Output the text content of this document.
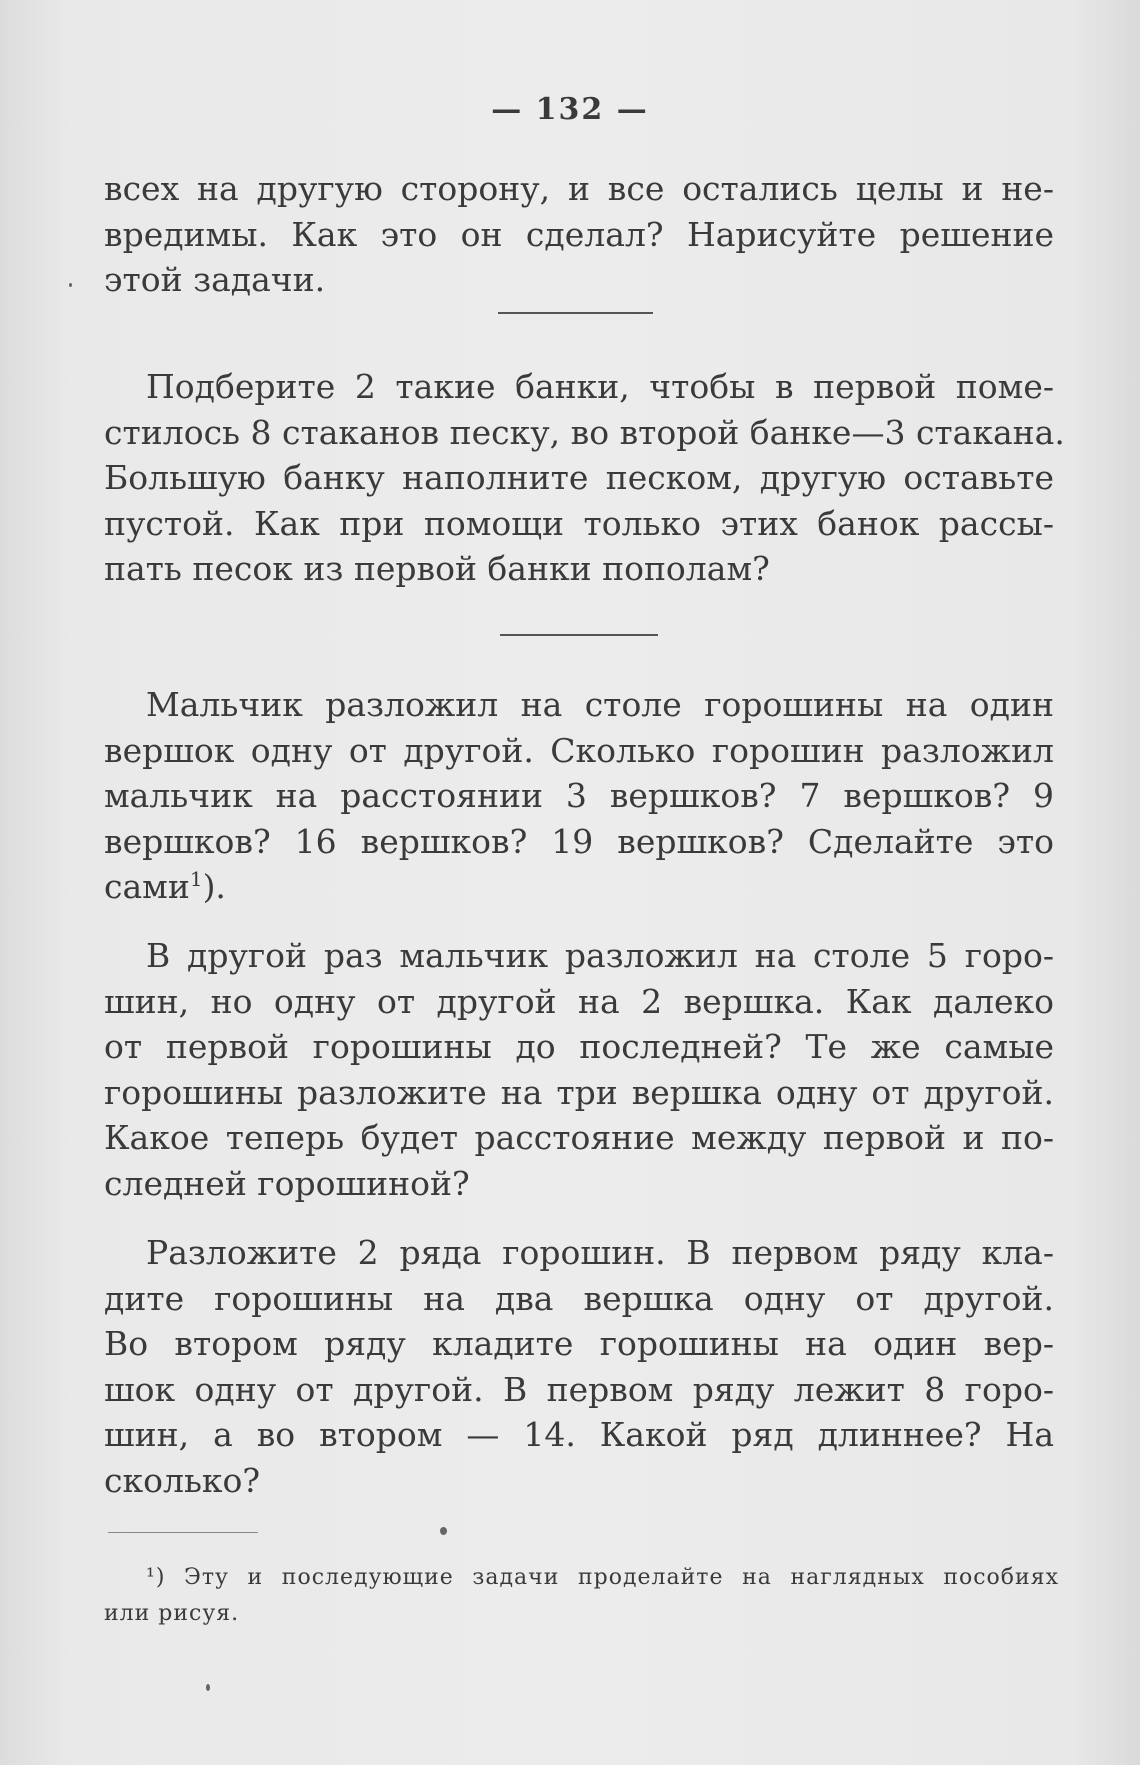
— 132 —
всех на другую сторону, и все остались целы и не-
вредимы. Как это он сделал? Нарисуйте решение
этой задачи.
Подберите 2 такие банки, чтобы в первой поме-
стилось 8 стаканов песку, во второй банке—3 стакана.
Большую банку наполните песком, другую оставьте
пустой. Как при помощи только этих банок рассы-
пать песок из первой банки пополам?
Мальчик разложил на столе горошины на один
вершок одну от другой. Сколько горошин разложил
мальчик на расстоянии 3 вершков? 7 вершков? 9
вершков? 16 вершков? 19 вершков? Сделайте это
сами$^1$).
В другой раз мальчик разложил на столе 5 горо-
шин, но одну от другой на 2 вершка. Как далеко
от первой горошины до последней? Те же самые
горошины разложите на три вершка одну от другой.
Какое теперь будет расстояние между первой и по-
следней горошиной?
Разложите 2 ряда горошин. В первом ряду кла-
дите горошины на два вершка одну от другой.
Во втором ряду кладите горошины на один вер-
шок одну от другой. В первом ряду лежит 8 горо-
шин, а во втором — 14. Какой ряд длиннее? На
сколько?
¹) Эту и последующие задачи проделайте на наглядных пособиях
или рисуя.
